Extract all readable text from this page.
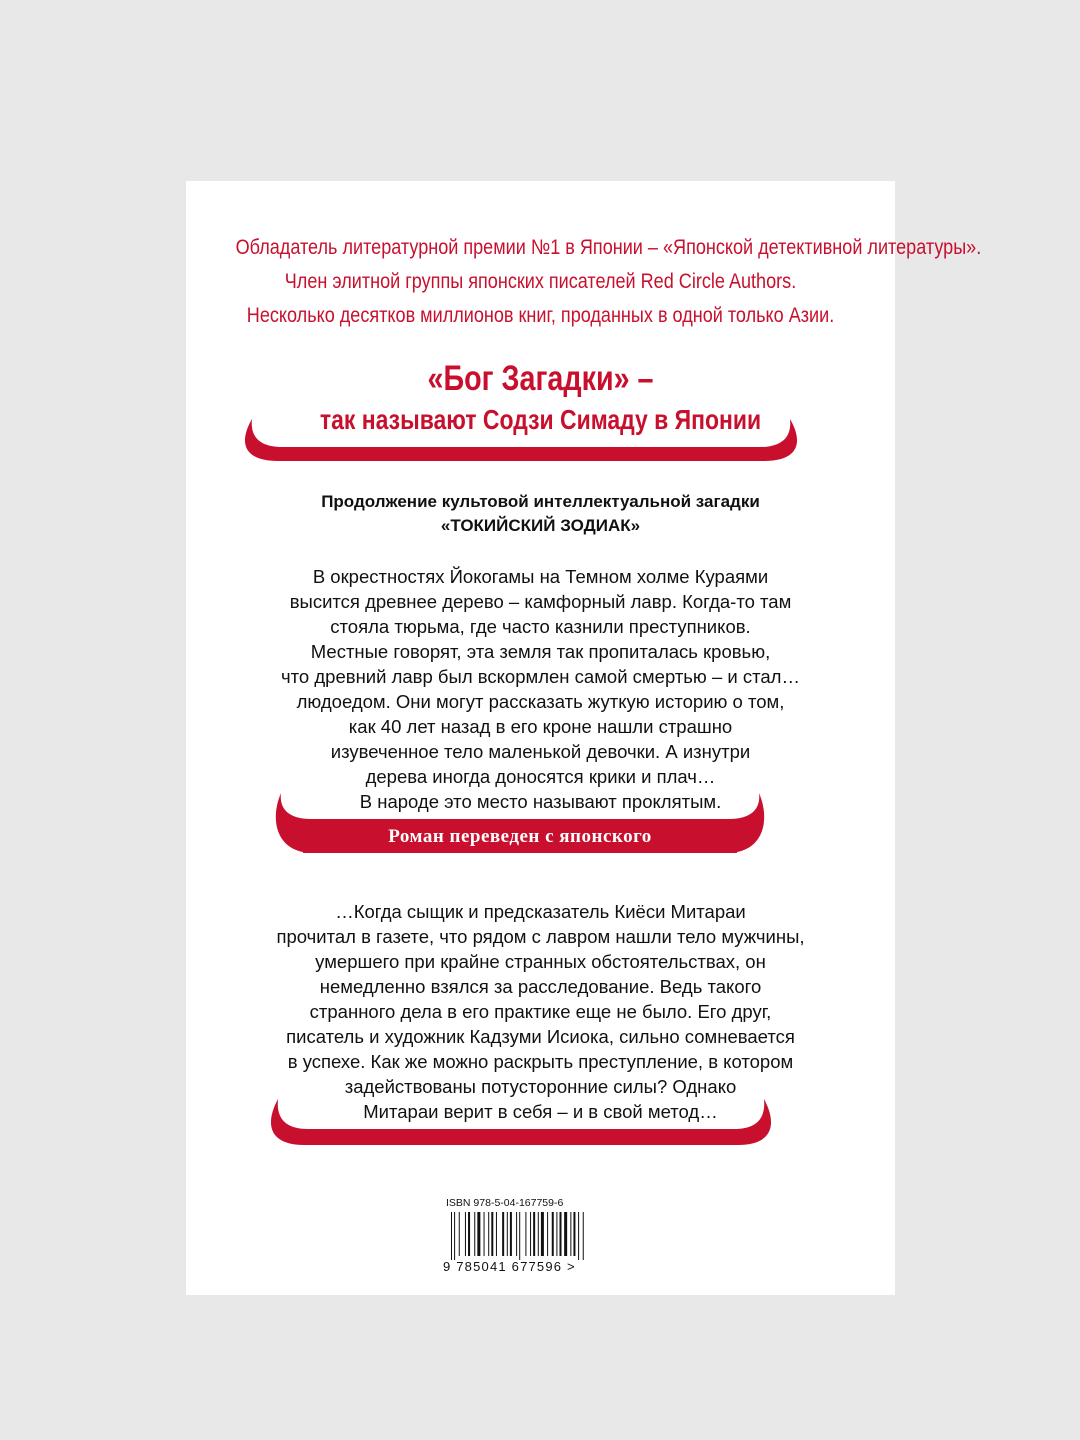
Обладатель литературной премии №1 в Японии – «Японской детективной литературы».
Член элитной группы японских писателей Red Circle Authors.
Несколько десятков миллионов книг, проданных в одной только Азии.
«Бог Загадки» –
так называют Содзи Симаду в Японии
Продолжение культовой интеллектуальной загадки
«ТОКИЙСКИЙ ЗОДИАК»
В окрестностях Йокогамы на Темном холме Кураями
высится древнее дерево – камфорный лавр. Когда-то там
стояла тюрьма, где часто казнили преступников.
Местные говорят, эта земля так пропиталась кровью,
что древний лавр был вскормлен самой смертью – и стал…
людоедом. Они могут рассказать жуткую историю о том,
как 40 лет назад в его кроне нашли страшно
изувеченное тело маленькой девочки. А изнутри
дерева иногда доносятся крики и плач…
В народе это место называют проклятым.
Роман переведен с японского
…Когда сыщик и предсказатель Киёси Митараи
прочитал в газете, что рядом с лавром нашли тело мужчины,
умершего при крайне странных обстоятельствах, он
немедленно взялся за расследование. Ведь такого
странного дела в его практике еще не было. Его друг,
писатель и художник Кадзуми Исиока, сильно сомневается
в успехе. Как же можно раскрыть преступление, в котором
задействованы потусторонние силы? Однако
Митараи верит в себя – и в свой метод…
ISBN 978-5-04-167759-6
9 785041 677596 >
